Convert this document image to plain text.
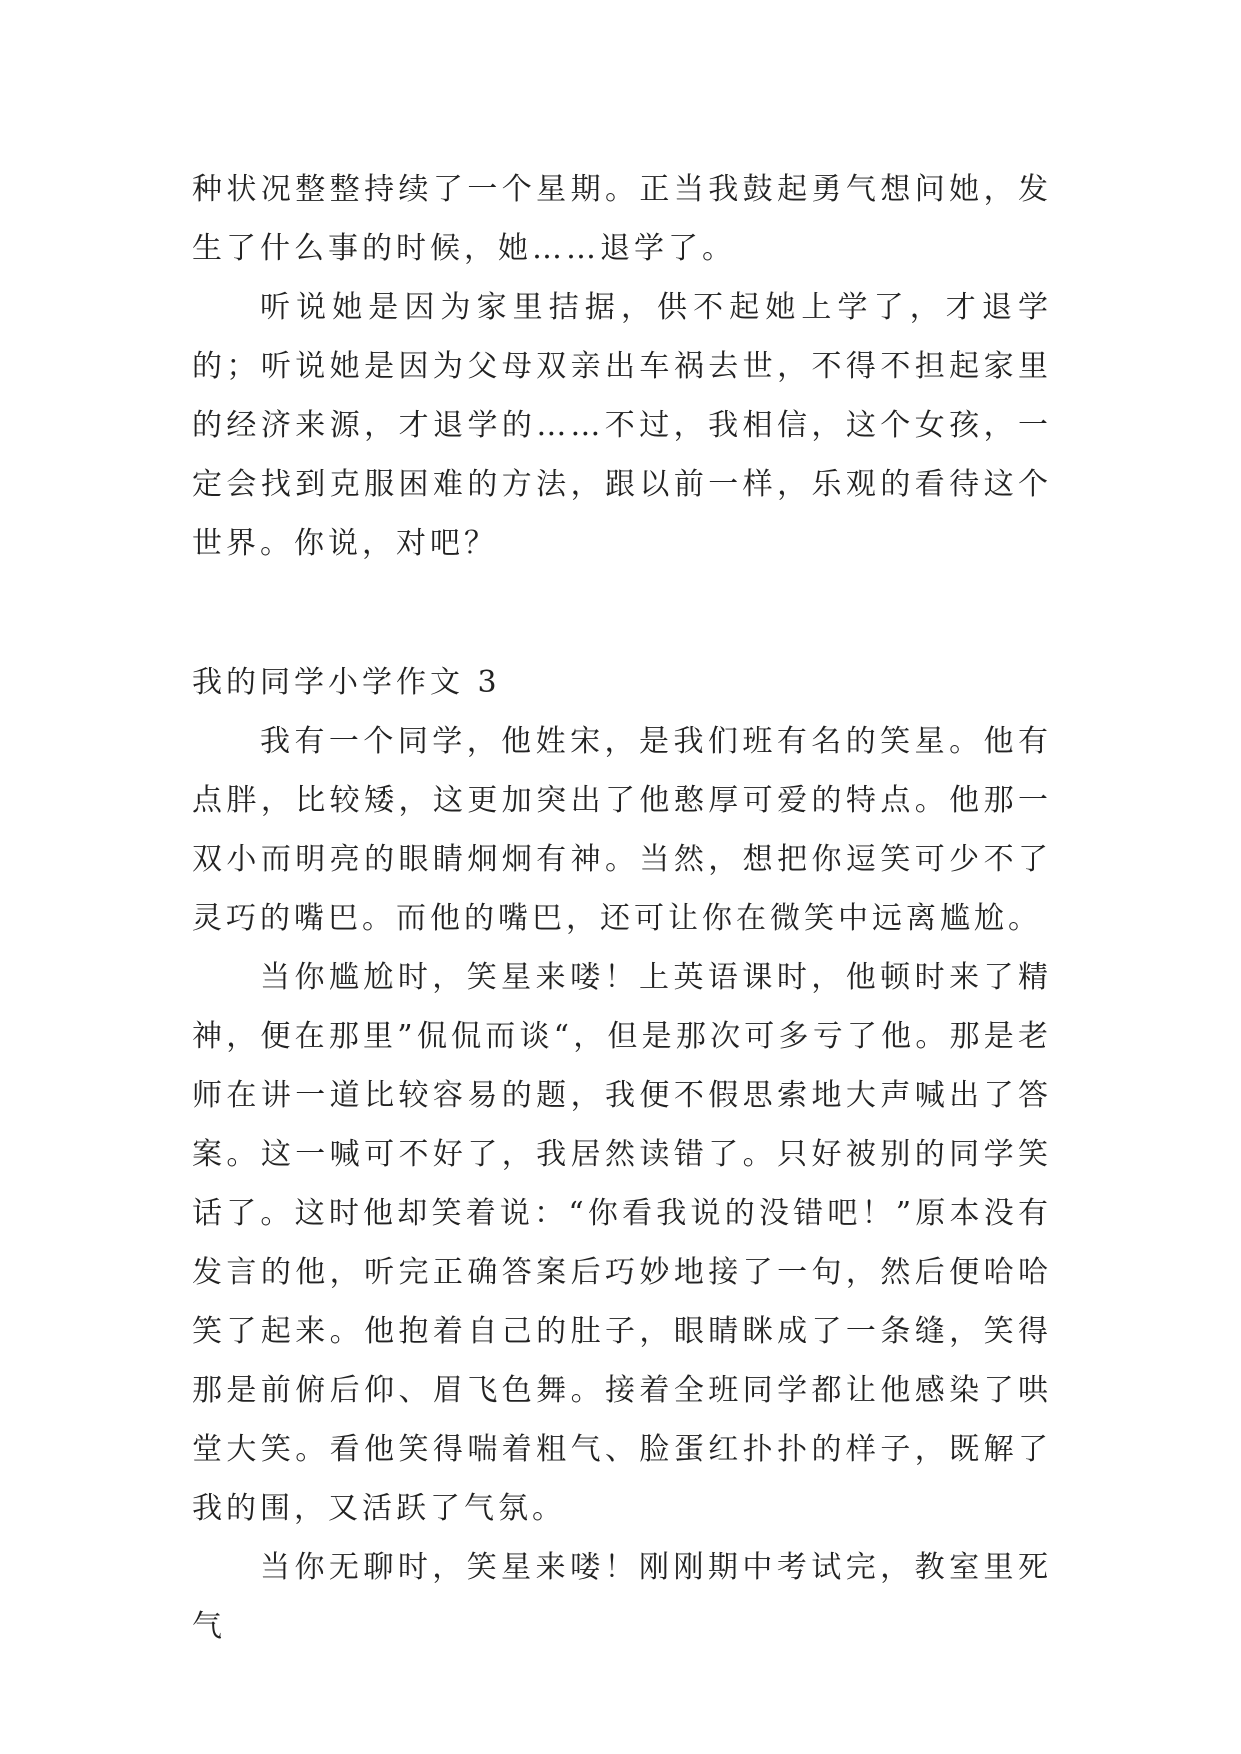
种状况整整持续了一个星期。正当我鼓起勇气想问她，发生了什么事的时候，她……退学了。

听说她是因为家里拮据，供不起她上学了，才退学的；听说她是因为父母双亲出车祸去世，不得不担起家里的经济来源，才退学的……不过，我相信，这个女孩，一定会找到克服困难的方法，跟以前一样，乐观的看待这个世界。你说，对吧？

我的同学小学作文 3

我有一个同学，他姓宋，是我们班有名的笑星。他有点胖，比较矮，这更加突出了他憨厚可爱的特点。他那一双小而明亮的眼睛炯炯有神。当然，想把你逗笑可少不了灵巧的嘴巴。而他的嘴巴，还可让你在微笑中远离尴尬。

当你尴尬时，笑星来喽！上英语课时，他顿时来了精神，便在那里”侃侃而谈“，但是那次可多亏了他。那是老师在讲一道比较容易的题，我便不假思索地大声喊出了答案。这一喊可不好了，我居然读错了。只好被别的同学笑话了。这时他却笑着说：“你看我说的没错吧！”原本没有发言的他，听完正确答案后巧妙地接了一句，然后便哈哈笑了起来。他抱着自己的肚子，眼睛眯成了一条缝，笑得那是前俯后仰、眉飞色舞。接着全班同学都让他感染了哄堂大笑。看他笑得喘着粗气、脸蛋红扑扑的样子，既解了我的围，又活跃了气氛。

当你无聊时，笑星来喽！刚刚期中考试完，教室里死气
